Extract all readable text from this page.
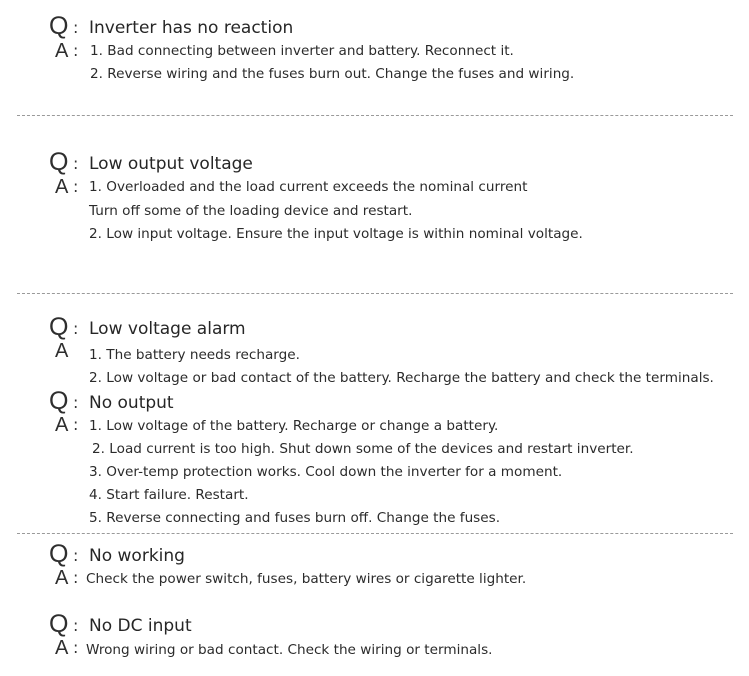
Q : Inverter has no reaction
A : 1. Bad connecting between inverter and battery. Reconnect it.
2. Reverse wiring and the fuses burn out. Change the fuses and wiring.
Q : Low output voltage
A : 1. Overloaded and the load current exceeds the nominal current
Turn off some of the loading device and restart.
2. Low input voltage. Ensure the input voltage is within nominal voltage.
Q : Low voltage alarm
A 1. The battery needs recharge.
2. Low voltage or bad contact of the battery. Recharge the battery and check the terminals.
Q : No output
A : 1. Low voltage of the battery. Recharge or change a battery.
2. Load current is too high. Shut down some of the devices and restart inverter.
3. Over-temp protection works. Cool down the inverter for a moment.
4. Start failure. Restart.
5. Reverse connecting and fuses burn off. Change the fuses.
Q : No working
A : Check the power switch, fuses, battery wires or cigarette lighter.
Q : No DC input
A : Wrong wiring or bad contact. Check the wiring or terminals.
